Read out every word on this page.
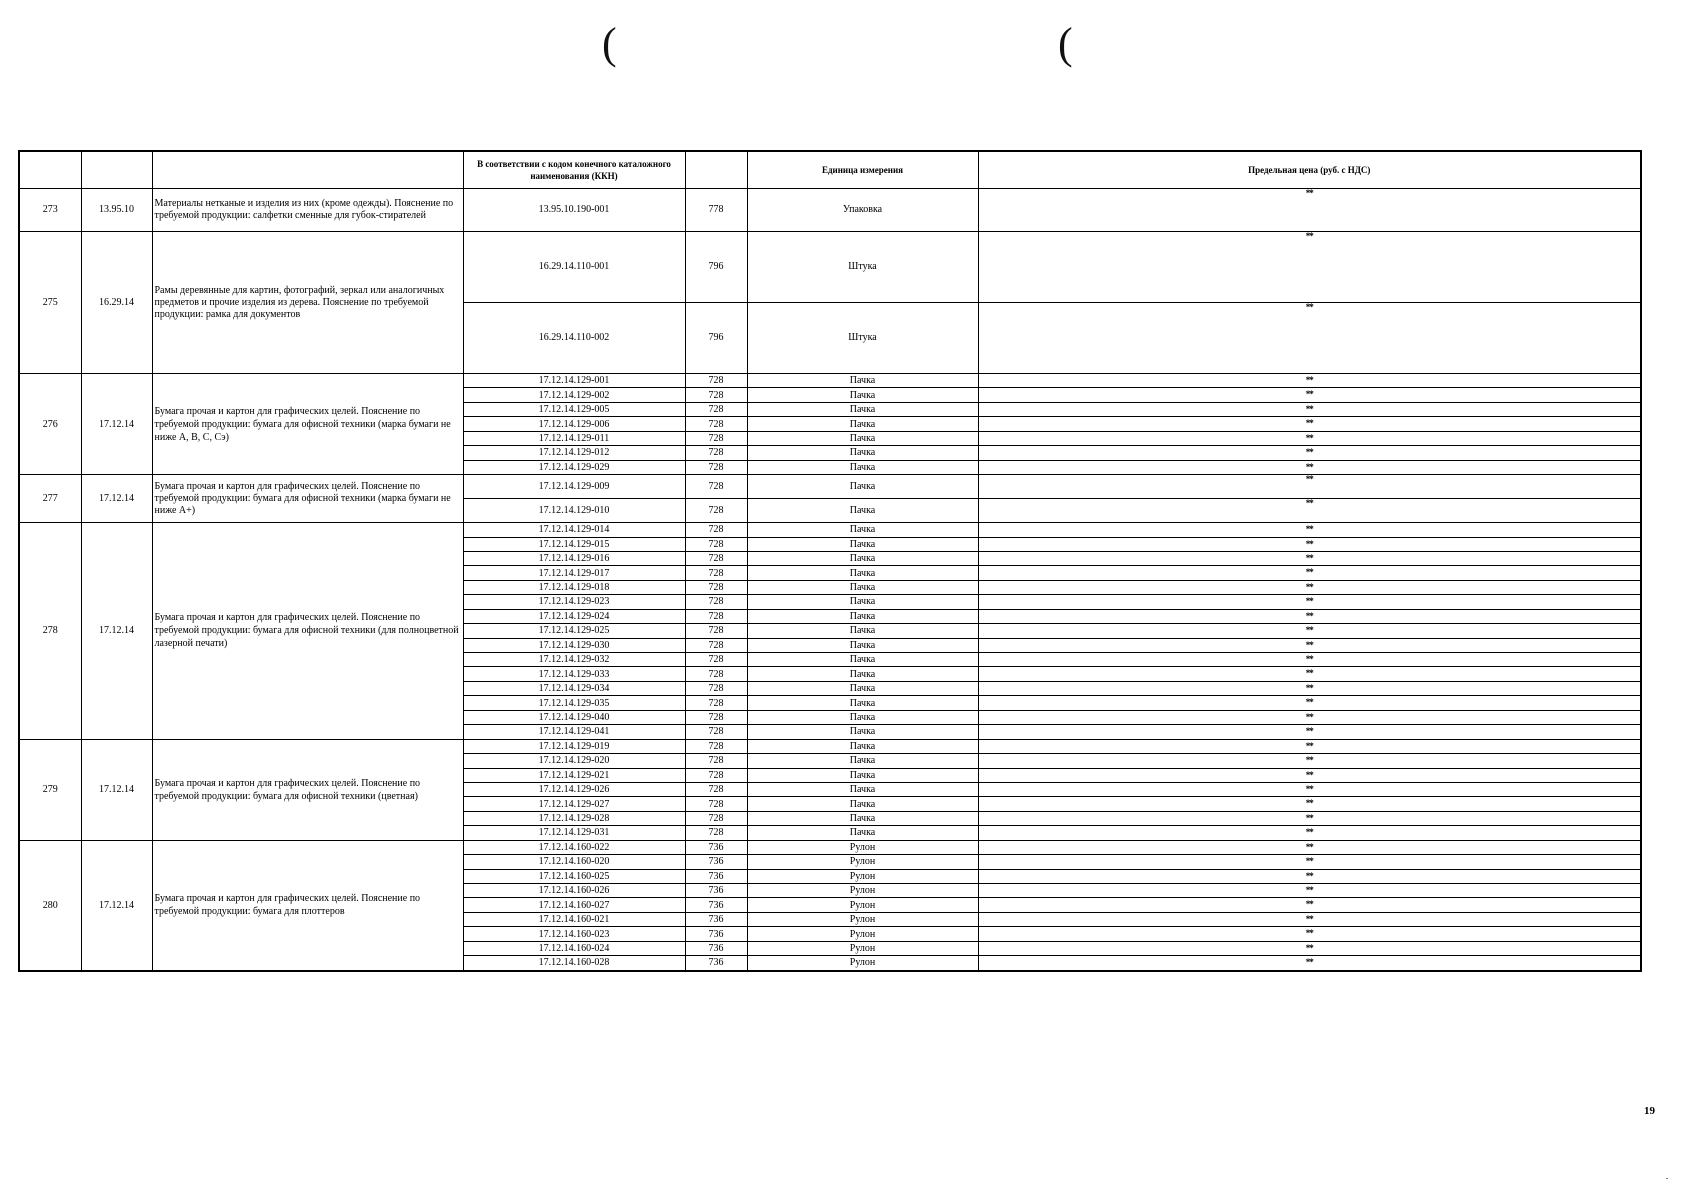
(	(
			В соответствии с кодом конечного каталожного наименования (ККН)		Единица измерения	Предельная цена (руб. с НДС)
273	13.95.10	Материалы нетканые и изделия из них (кроме одежды). Пояснение по требуемой продукции: салфетки сменные для губок-стирателей	13.95.10.190-001	778	Упаковка	**
275	16.29.14	Рамы деревянные для картин, фотографий, зеркал или аналогичных предметов и прочие изделия из дерева. Пояснение по требуемой продукции: рамка для документов	16.29.14.110-001	796	Штука	**
			16.29.14.110-002	796	Штука	**
276	17.12.14	Бумага прочая и картон для графических целей. Пояснение по требуемой продукции: бумага для офисной техники (марка бумаги не ниже A, B, C, Сэ)	17.12.14.129-001	728	Пачка	**
			17.12.14.129-002	728	Пачка	**
			17.12.14.129-005	728	Пачка	**
			17.12.14.129-006	728	Пачка	**
			17.12.14.129-011	728	Пачка	**
			17.12.14.129-012	728	Пачка	**
			17.12.14.129-029	728	Пачка	**
277	17.12.14	Бумага прочая и картон для графических целей. Пояснение по требуемой продукции: бумага для офисной техники (марка бумаги не ниже A+)	17.12.14.129-009	728	Пачка	**
			17.12.14.129-010	728	Пачка	**
278	17.12.14	Бумага прочая и картон для графических целей. Пояснение по требуемой продукции: бумага для офисной техники (для полноцветной лазерной печати)	17.12.14.129-014	728	Пачка	**
			17.12.14.129-015	728	Пачка	**
			17.12.14.129-016	728	Пачка	**
			17.12.14.129-017	728	Пачка	**
			17.12.14.129-018	728	Пачка	**
			17.12.14.129-023	728	Пачка	**
			17.12.14.129-024	728	Пачка	**
			17.12.14.129-025	728	Пачка	**
			17.12.14.129-030	728	Пачка	**
			17.12.14.129-032	728	Пачка	**
			17.12.14.129-033	728	Пачка	**
			17.12.14.129-034	728	Пачка	**
			17.12.14.129-035	728	Пачка	**
			17.12.14.129-040	728	Пачка	**
			17.12.14.129-041	728	Пачка	**
279	17.12.14	Бумага прочая и картон для графических целей. Пояснение по требуемой продукции: бумага для офисной техники (цветная)	17.12.14.129-019	728	Пачка	**
			17.12.14.129-020	728	Пачка	**
			17.12.14.129-021	728	Пачка	**
			17.12.14.129-026	728	Пачка	**
			17.12.14.129-027	728	Пачка	**
			17.12.14.129-028	728	Пачка	**
			17.12.14.129-031	728	Пачка	**
280	17.12.14	Бумага прочая и картон для графических целей. Пояснение по требуемой продукции: бумага для плоттеров	17.12.14.160-022	736	Рулон	**
			17.12.14.160-020	736	Рулон	**
			17.12.14.160-025	736	Рулон	**
			17.12.14.160-026	736	Рулон	**
			17.12.14.160-027	736	Рулон	**
			17.12.14.160-021	736	Рулон	**
			17.12.14.160-023	736	Рулон	**
			17.12.14.160-024	736	Рулон	**
			17.12.14.160-028	736	Рулон	**
19
